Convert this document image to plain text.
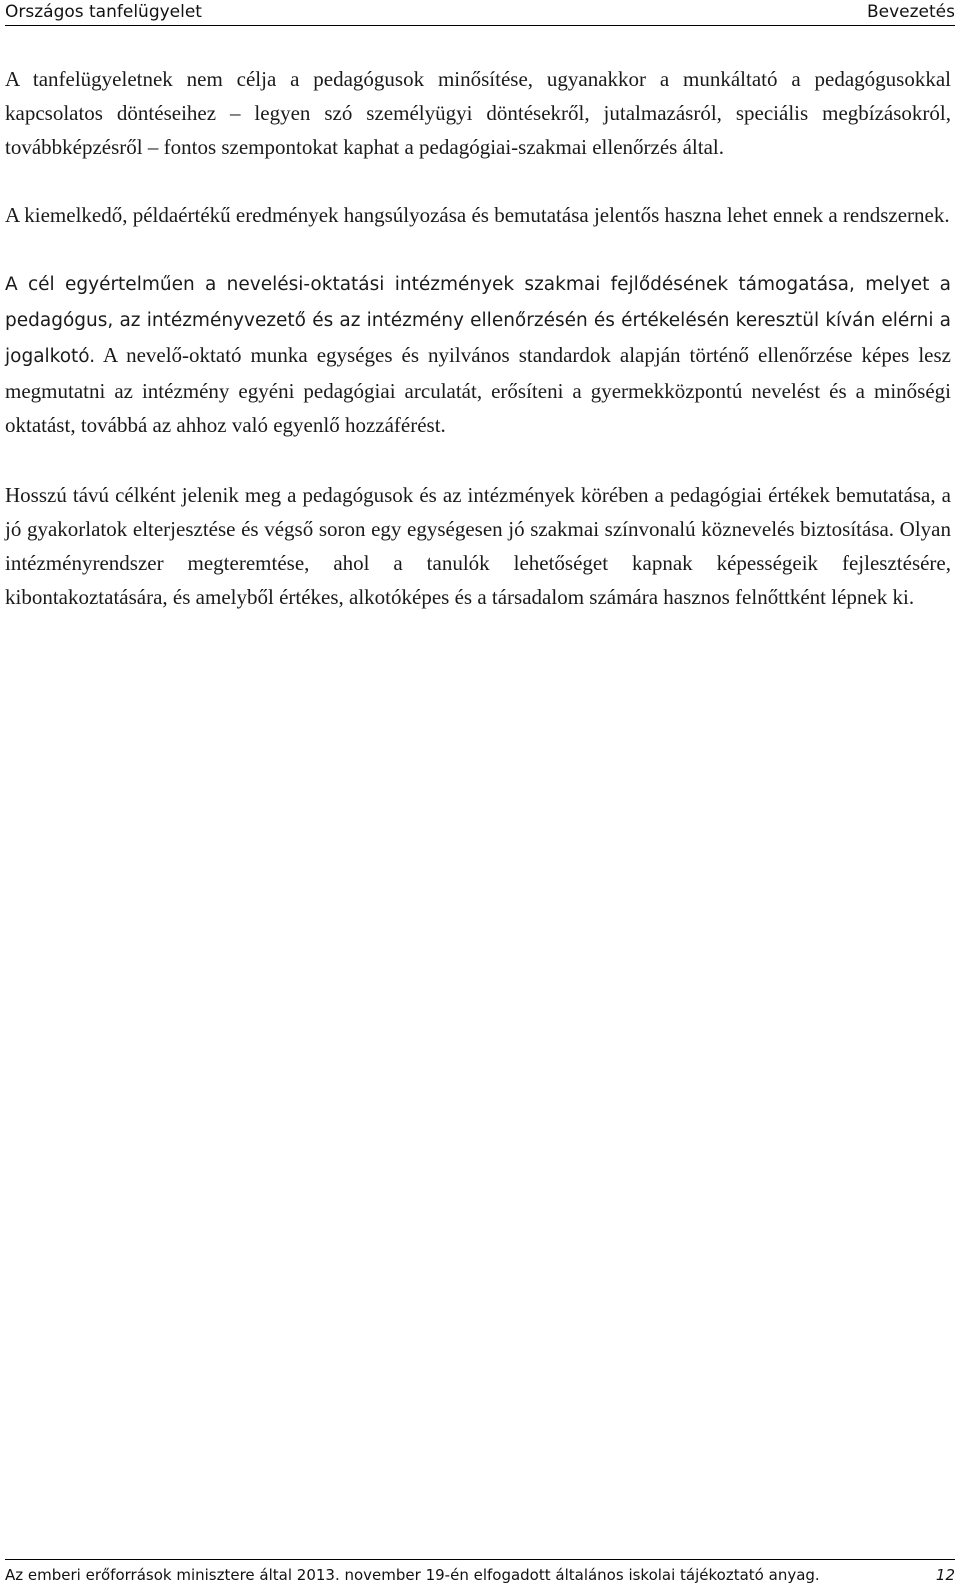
Országos tanfelügyelet	Bevezetés

A tanfelügyeletnek nem célja a pedagógusok minősítése, ugyanakkor a munkáltató a pedagógusokkal kapcsolatos döntéseihez – legyen szó személyügyi döntésekről, jutalmazásról, speciális megbízásokról, továbbképzésről – fontos szempontokat kaphat a pedagógiai-szakmai ellenőrzés által.

A kiemelkedő, példaértékű eredmények hangsúlyozása és bemutatása jelentős haszna lehet ennek a rendszernek.

A cél egyértelműen a nevelési-oktatási intézmények szakmai fejlődésének támogatása, melyet a pedagógus, az intézményvezető és az intézmény ellenőrzésén és értékelésén keresztül kíván elérni a jogalkotó. A nevelő-oktató munka egységes és nyilvános standardok alapján történő ellenőrzése képes lesz megmutatni az intézmény egyéni pedagógiai arculatát, erősíteni a gyermekközpontú nevelést és a minőségi oktatást, továbbá az ahhoz való egyenlő hozzáférést.

Hosszú távú célként jelenik meg a pedagógusok és az intézmények körében a pedagógiai értékek bemutatása, a jó gyakorlatok elterjesztése és végső soron egy egységesen jó szakmai színvonalú köznevelés biztosítása. Olyan intézményrendszer megteremtése, ahol a tanulók lehetőséget kapnak képességeik fejlesztésére, kibontakoztatására, és amelyből értékes, alkotóképes és a társadalom számára hasznos felnőttként lépnek ki.

Az emberi erőforrások minisztere által 2013. november 19-én elfogadott általános iskolai tájékoztató anyag.	12
